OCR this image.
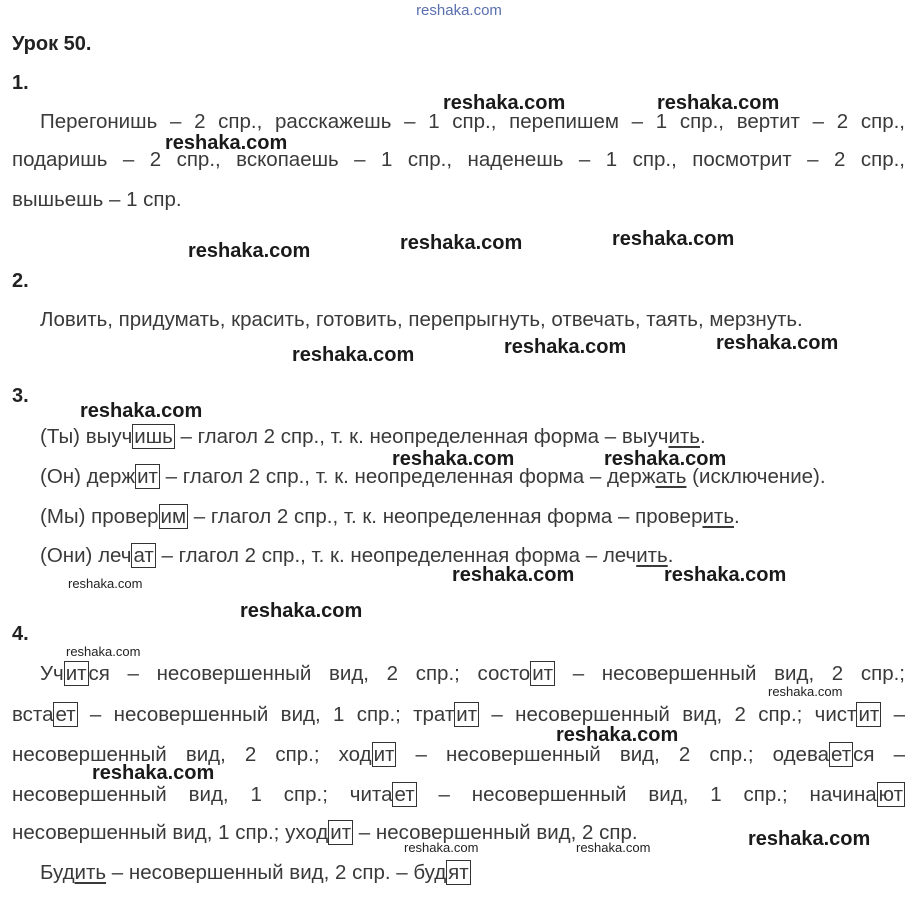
reshaka.com
Урок 50.
1.
Перегонишь – 2 спр., расскажешь – 1 спр., перепишем – 1 спр., вертит – 2 спр.,
подаришь – 2 спр., вскопаешь – 1 спр., наденешь – 1 спр., посмотрит – 2 спр.,
вышьешь – 1 спр.
2.
Ловить, придумать, красить, готовить, перепрыгнуть, отвечать, таять, мерзнуть.
3.
(Ты) выучишь – глагол 2 спр., т. к. неопределенная форма – выучить.
(Он) держит – глагол 2 спр., т. к. неопределенная форма – держать (исключение).
(Мы) проверим – глагол 2 спр., т. к. неопределенная форма – проверить.
(Они) лечат – глагол 2 спр., т. к. неопределенная форма – лечить.
4.
Учится – несовершенный вид, 2 спр.; состоит – несовершенный вид, 2 спр.;
встает – несовершенный вид, 1 спр.; тратит – несовершенный вид, 2 спр.; чистит –
несовершенный вид, 2 спр.; ходит – несовершенный вид, 2 спр.; одевается –
несовершенный вид, 1 спр.; читает – несовершенный вид, 1 спр.; начинают
несовершенный вид, 1 спр.; уходит – несовершенный вид, 2 спр.
Будить – несовершенный вид, 2 спр. – будят
reshaka.com	reshaka.com
reshaka.com
reshaka.com	reshaka.com	reshaka.com
reshaka.com	reshaka.com	reshaka.com
reshaka.com
reshaka.com	reshaka.com
reshaka.com	reshaka.com
reshaka.com
reshaka.com
reshaka.com
reshaka.com
reshaka.com
reshaka.com
reshaka.com
reshaka.com	reshaka.com
